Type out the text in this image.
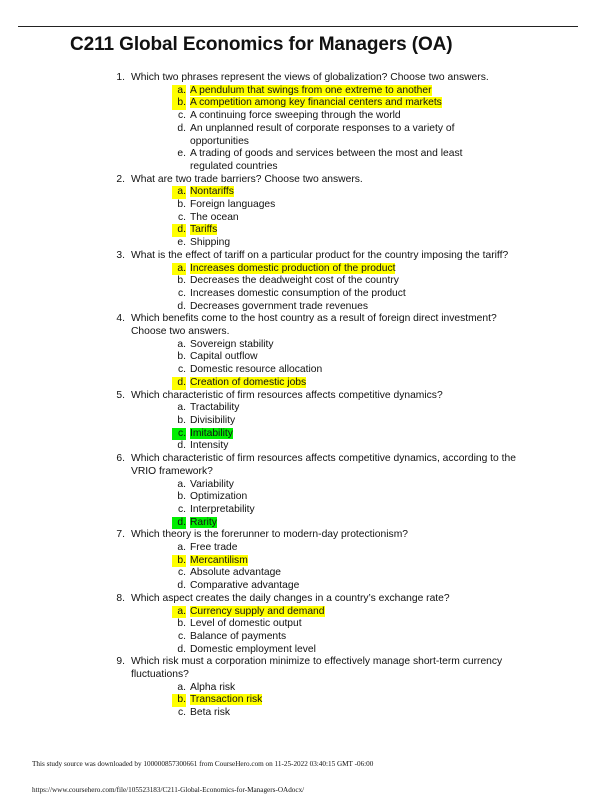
C211 Global Economics for Managers (OA)
1. Which two phrases represent the views of globalization? Choose two answers.
a. A pendulum that swings from one extreme to another
b. A competition among key financial centers and markets
c. A continuing force sweeping through the world
d. An unplanned result of corporate responses to a variety of opportunities
e. A trading of goods and services between the most and least regulated countries
2. What are two trade barriers? Choose two answers.
a. Nontariffs
b. Foreign languages
c. The ocean
d. Tariffs
e. Shipping
3. What is the effect of tariff on a particular product for the country imposing the tariff?
a. Increases domestic production of the product
b. Decreases the deadweight cost of the country
c. Increases domestic consumption of the product
d. Decreases government trade revenues
4. Which benefits come to the host country as a result of foreign direct investment? Choose two answers.
a. Sovereign stability
b. Capital outflow
c. Domestic resource allocation
d. Creation of domestic jobs
5. Which characteristic of firm resources affects competitive dynamics?
a. Tractability
b. Divisibility
c. Imitability
d. Intensity
6. Which characteristic of firm resources affects competitive dynamics, according to the VRIO framework?
a. Variability
b. Optimization
c. Interpretability
d. Rarity
7. Which theory is the forerunner to modern-day protectionism?
a. Free trade
b. Mercantilism
c. Absolute advantage
d. Comparative advantage
8. Which aspect creates the daily changes in a country’s exchange rate?
a. Currency supply and demand
b. Level of domestic output
c. Balance of payments
d. Domestic employment level
9. Which risk must a corporation minimize to effectively manage short-term currency fluctuations?
a. Alpha risk
b. Transaction risk
c. Beta risk
This study source was downloaded by 100000857300661 from CourseHero.com on 11-25-2022 03:40:15 GMT -06:00
https://www.coursehero.com/file/105523183/C211-Global-Economics-for-Managers-OAdocx/
